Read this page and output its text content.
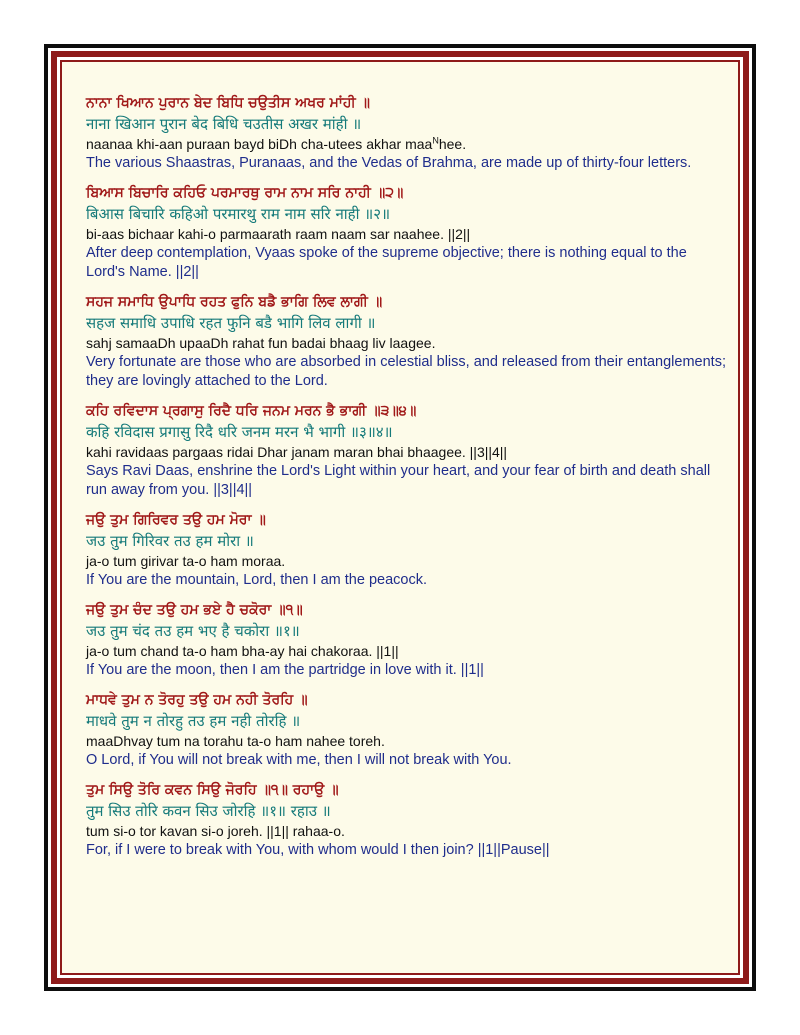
ਨਾਨਾ ਖਿਆਨ ਪੁਰਾਨ ਬੇਦ ਬਿਧਿ ਚਉਤੀਸ ਅਖਰ ਮਾਂਹੀ ॥
नाना खिआन पुरान बेद बिधि चउतीस अखर मांही ॥
naanaa khi-aan puraan bayd biDh cha-utees akhar maa$^N$hee.
The various Shaastras, Puranaas, and the Vedas of Brahma, are made up of thirty-four letters.
ਬਿਆਸ ਬਿਚਾਰਿ ਕਹਿਓ ਪਰਮਾਰਥੁ ਰਾਮ ਨਾਮ ਸਰਿ ਨਾਹੀ ॥੨॥
बिआस बिचारि कहिओ परमारथु राम नाम सरि नाही ॥२॥
bi-aas bichaar kahi-o parmaarath raam naam sar naahee. ||2||
After deep contemplation, Vyaas spoke of the supreme objective; there is nothing equal to the Lord's Name. ||2||
ਸਹਜ ਸਮਾਧਿ ਉਪਾਧਿ ਰਹਤ ਫੁਨਿ ਬਡੈ ਭਾਗਿ ਲਿਵ ਲਾਗੀ ॥
सहज समाधि उपाधि रहत फुनि बडै भागि लिव लागी ॥
sahj samaaDh upaaDh rahat fun badai bhaag liv laagee.
Very fortunate are those who are absorbed in celestial bliss, and released from their entanglements; they are lovingly attached to the Lord.
ਕਹਿ ਰਵਿਦਾਸ ਪ੍ਰਗਾਸੁ ਰਿਦੈ ਧਰਿ ਜਨਮ ਮਰਨ ਭੈ ਭਾਗੀ ॥੩॥੪॥
कहि रविदास प्रगासु रिदै धरि जनम मरन भै भागी ॥३॥४॥
kahi ravidaas pargaas ridai Dhar janam maran bhai bhaagee. ||3||4||
Says Ravi Daas, enshrine the Lord's Light within your heart, and your fear of birth and death shall run away from you. ||3||4||
ਜਉ ਤੁਮ ਗਿਰਿਵਰ ਤਉ ਹਮ ਮੋਰਾ ॥
जउ तुम गिरिवर तउ हम मोरा ॥
ja-o tum girivar ta-o ham moraa.
If You are the mountain, Lord, then I am the peacock.
ਜਉ ਤੁਮ ਚੰਦ ਤਉ ਹਮ ਭਏ ਹੈ ਚਕੋਰਾ ॥੧॥
जउ तुम चंद तउ हम भए है चकोरा ॥१॥
ja-o tum chand ta-o ham bha-ay hai chakoraa. ||1||
If You are the moon, then I am the partridge in love with it. ||1||
ਮਾਧਵੇ ਤੁਮ ਨ ਤੋਰਹੁ ਤਉ ਹਮ ਨਹੀ ਤੋਰਹਿ ॥
माधवे तुम न तोरहु तउ हम नही तोरहि ॥
maaDhvay tum na torahu ta-o ham nahee toreh.
O Lord, if You will not break with me, then I will not break with You.
ਤੁਮ ਸਿਉ ਤੋਰਿ ਕਵਨ ਸਿਉ ਜੋਰਹਿ ॥੧॥ ਰਹਾਉ ॥
तुम सिउ तोरि कवन सिउ जोरहि ॥१॥ रहाउ ॥
tum si-o tor kavan si-o joreh. ||1|| rahaa-o.
For, if I were to break with You, with whom would I then join? ||1||Pause||
